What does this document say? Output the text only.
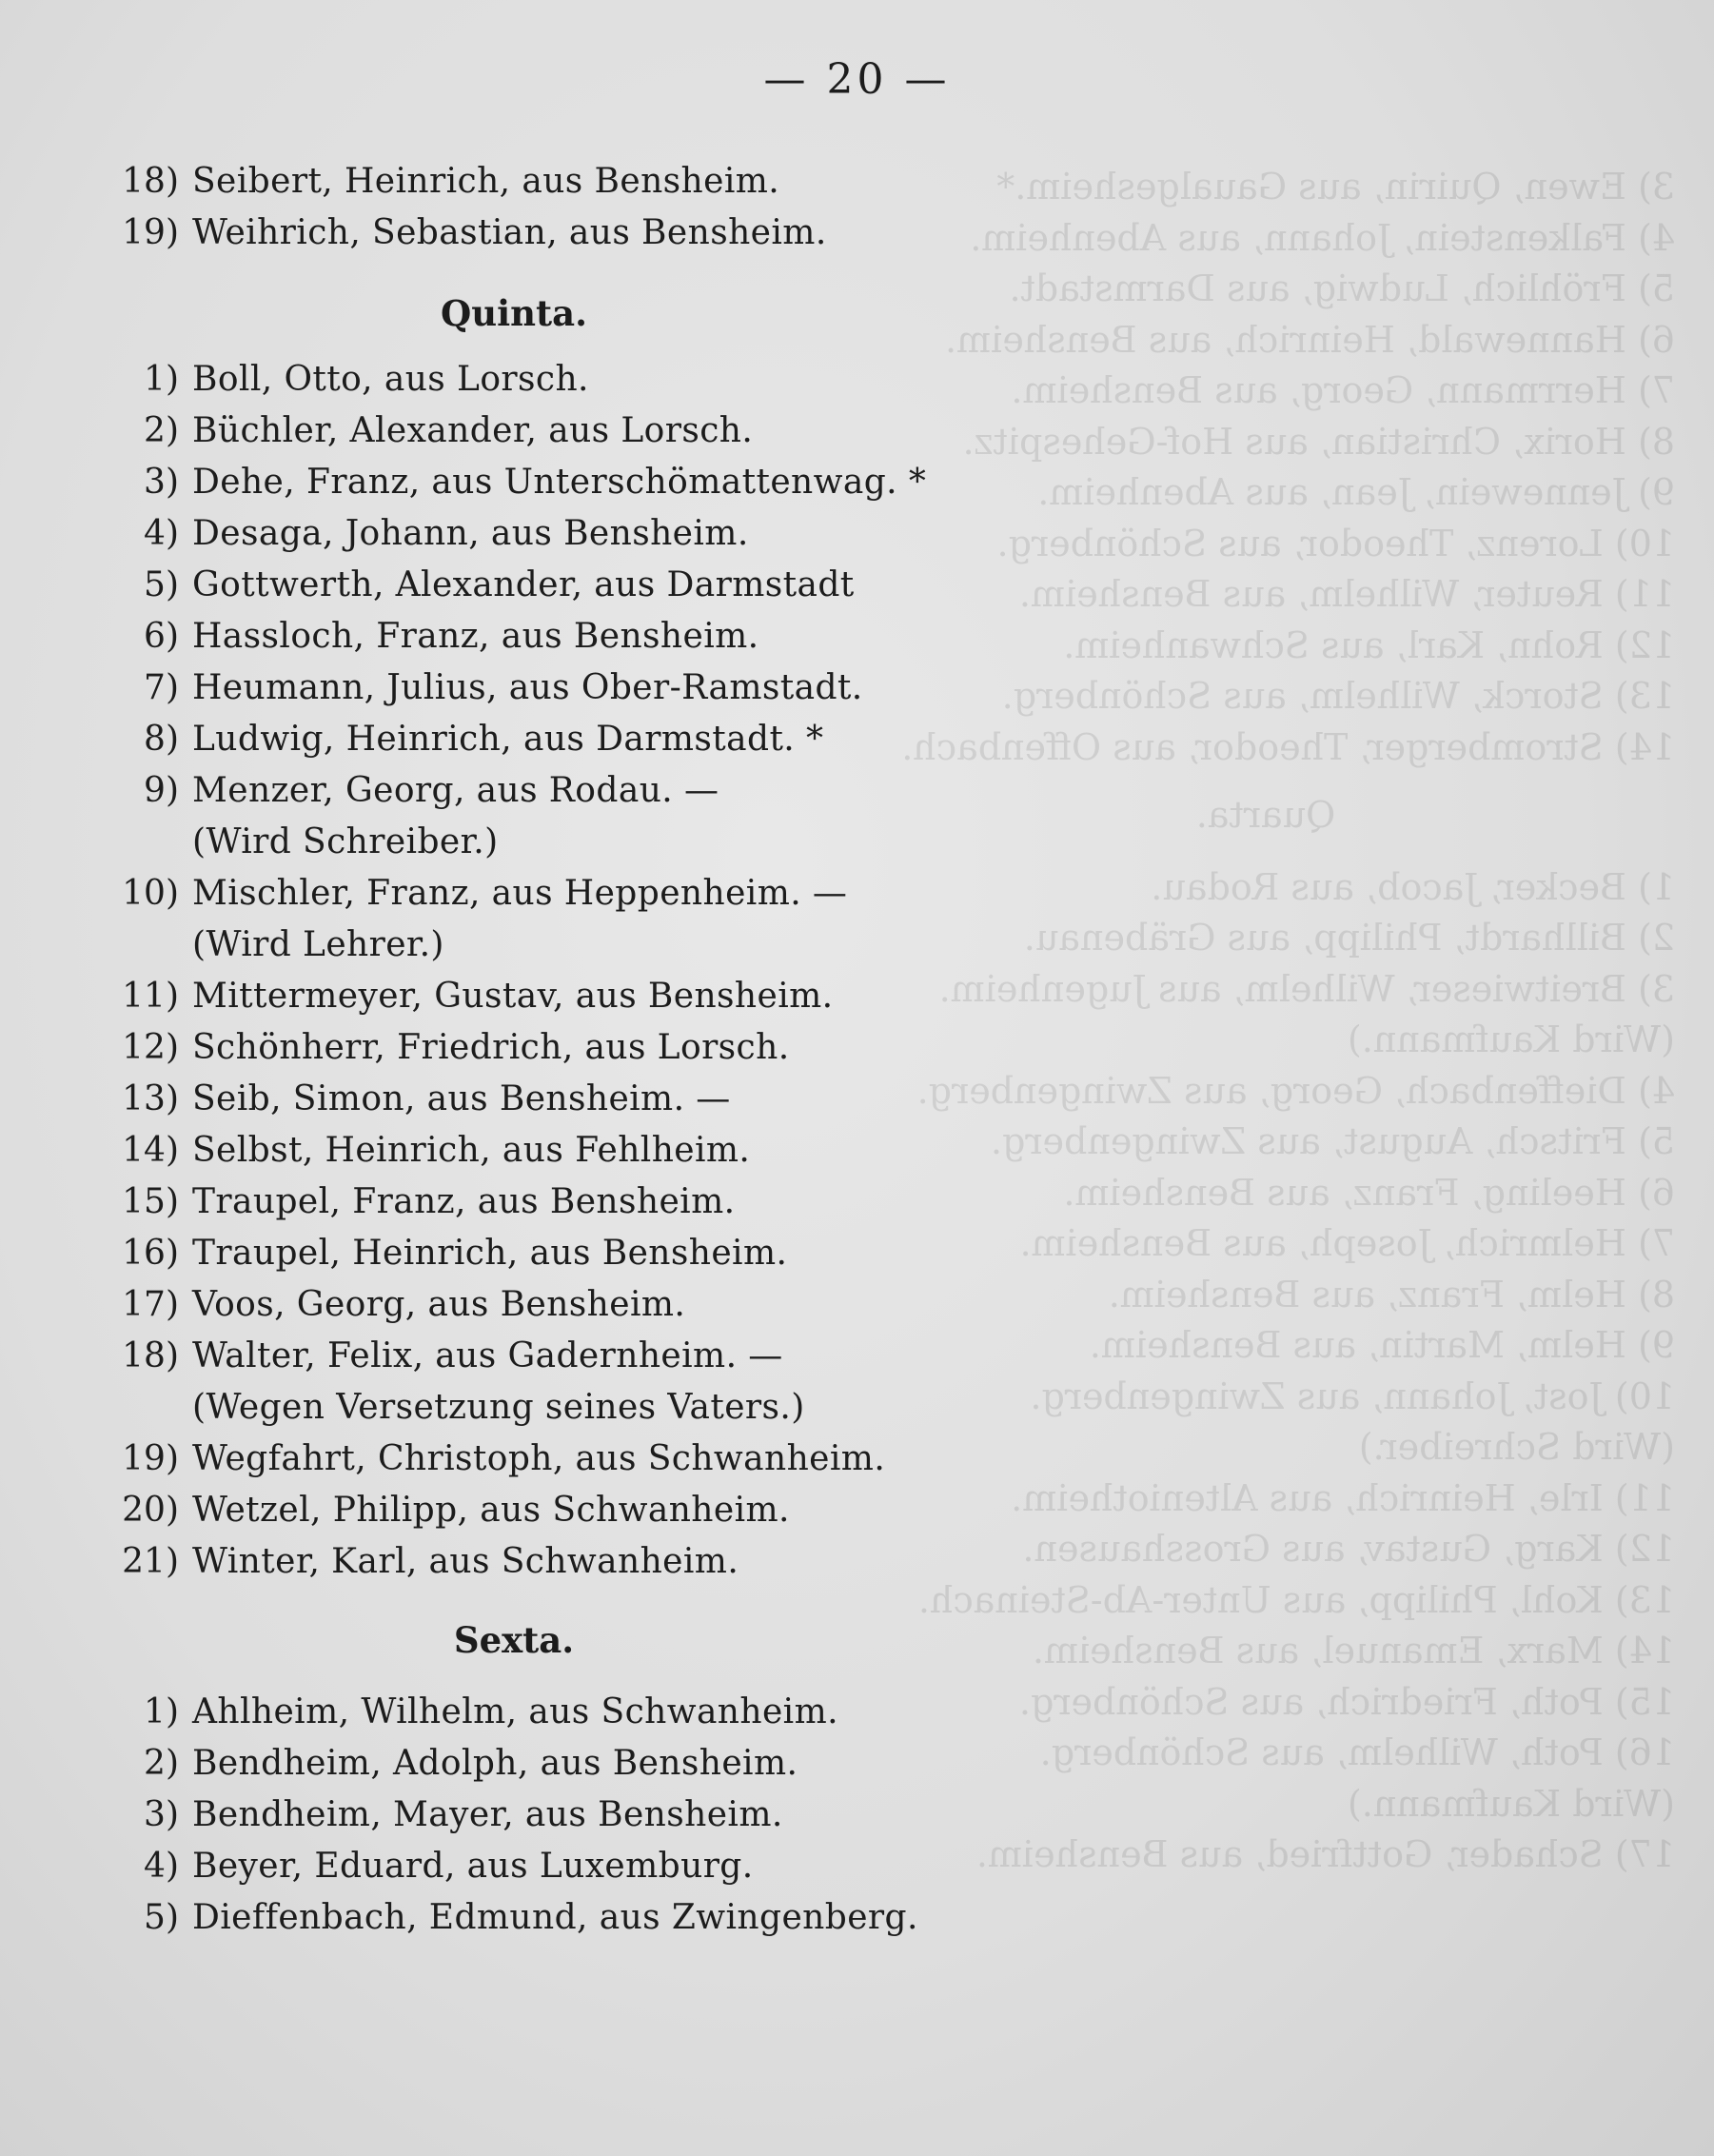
3) Ewen, Quirin, aus Gaualgesheim.*
4) Falkenstein, Johann, aus Abenheim.
5) Fröhlich, Ludwig, aus Darmstadt.
6) Hannewald, Heinrich, aus Bensheim.
7) Herrmann, Georg, aus Bensheim.
8) Horix, Christian, aus Hof-Gehespitz.
9) Jennewein, Jean, aus Abenheim.
10) Lorenz, Theodor, aus Schönberg.
11) Reuter, Wilhelm, aus Bensheim.
12) Rohn, Karl, aus Schwanheim.
13) Storck, Wilhelm, aus Schönberg.
14) Stromberger, Theodor, aus Offenbach.
Quarta.
1) Becker, Jacob, aus Rodau.
2) Billhardt, Philipp, aus Gräbenau.
3) Breitwieser, Wilhelm, aus Jugenheim.
(Wird Kaufmann.)
4) Dieffenbach, Georg, aus Zwingenberg.
5) Fritsch, August, aus Zwingenberg.
6) Heeling, Franz, aus Bensheim.
7) Helmrich, Joseph, aus Bensheim.
8) Helm, Franz, aus Bensheim.
9) Helm, Martin, aus Bensheim.
10) Jost, Johann, aus Zwingenberg.
(Wird Schreiber.)
11) Irle, Heinrich, aus Alteniotheim.
12) Karg, Gustav, aus Grosshausen.
13) Kohl, Philipp, aus Unter-Ab-Steinach.
14) Marx, Emanuel, aus Bensheim.
15) Poth, Friedrich, aus Schönberg.
16) Poth, Wilhelm, aus Schönberg.
(Wird Kaufmann.)
17) Schader, Gottfried, aus Bensheim.
— 20 —
18) Seibert, Heinrich, aus Bensheim.
19) Weihrich, Sebastian, aus Bensheim.
Quinta.
1) Boll, Otto, aus Lorsch.
2) Büchler, Alexander, aus Lorsch.
3) Dehe, Franz, aus Unterschömattenwag. *
4) Desaga, Johann, aus Bensheim.
5) Gottwerth, Alexander, aus Darmstadt
6) Hassloch, Franz, aus Bensheim.
7) Heumann, Julius, aus Ober-Ramstadt.
8) Ludwig, Heinrich, aus Darmstadt. *
9) Menzer, Georg, aus Rodau. —
(Wird Schreiber.)
10) Mischler, Franz, aus Heppenheim. —
(Wird Lehrer.)
11) Mittermeyer, Gustav, aus Bensheim.
12) Schönherr, Friedrich, aus Lorsch.
13) Seib, Simon, aus Bensheim. —
14) Selbst, Heinrich, aus Fehlheim.
15) Traupel, Franz, aus Bensheim.
16) Traupel, Heinrich, aus Bensheim.
17) Voos, Georg, aus Bensheim.
18) Walter, Felix, aus Gadernheim. —
(Wegen Versetzung seines Vaters.)
19) Wegfahrt, Christoph, aus Schwanheim.
20) Wetzel, Philipp, aus Schwanheim.
21) Winter, Karl, aus Schwanheim.
Sexta.
1) Ahlheim, Wilhelm, aus Schwanheim.
2) Bendheim, Adolph, aus Bensheim.
3) Bendheim, Mayer, aus Bensheim.
4) Beyer, Eduard, aus Luxemburg.
5) Dieffenbach, Edmund, aus Zwingenberg.
